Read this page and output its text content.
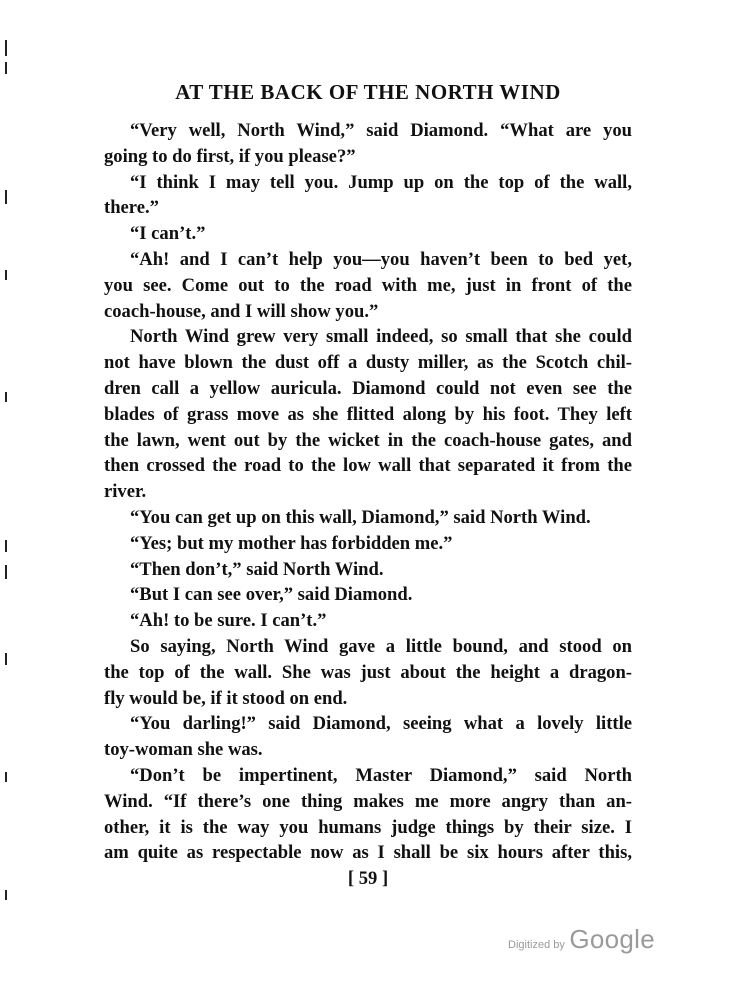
AT THE BACK OF THE NORTH WIND
“Very well, North Wind,” said Diamond. “What are you
going to do first, if you please?”
“I think I may tell you. Jump up on the top of the wall,
there.”
“I can’t.”
“Ah! and I can’t help you—you haven’t been to bed yet,
you see. Come out to the road with me, just in front of the
coach-house, and I will show you.”
North Wind grew very small indeed, so small that she could
not have blown the dust off a dusty miller, as the Scotch chil-
dren call a yellow auricula. Diamond could not even see the
blades of grass move as she flitted along by his foot. They left
the lawn, went out by the wicket in the coach-house gates, and
then crossed the road to the low wall that separated it from the
river.
“You can get up on this wall, Diamond,” said North Wind.
“Yes; but my mother has forbidden me.”
“Then don’t,” said North Wind.
“But I can see over,” said Diamond.
“Ah! to be sure. I can’t.”
So saying, North Wind gave a little bound, and stood on
the top of the wall. She was just about the height a dragon-
fly would be, if it stood on end.
“You darling!” said Diamond, seeing what a lovely little
toy-woman she was.
“Don’t be impertinent, Master Diamond,” said North
Wind. “If there’s one thing makes me more angry than an-
other, it is the way you humans judge things by their size. I
am quite as respectable now as I shall be six hours after this,
[ 59 ]
Digitized by Google
